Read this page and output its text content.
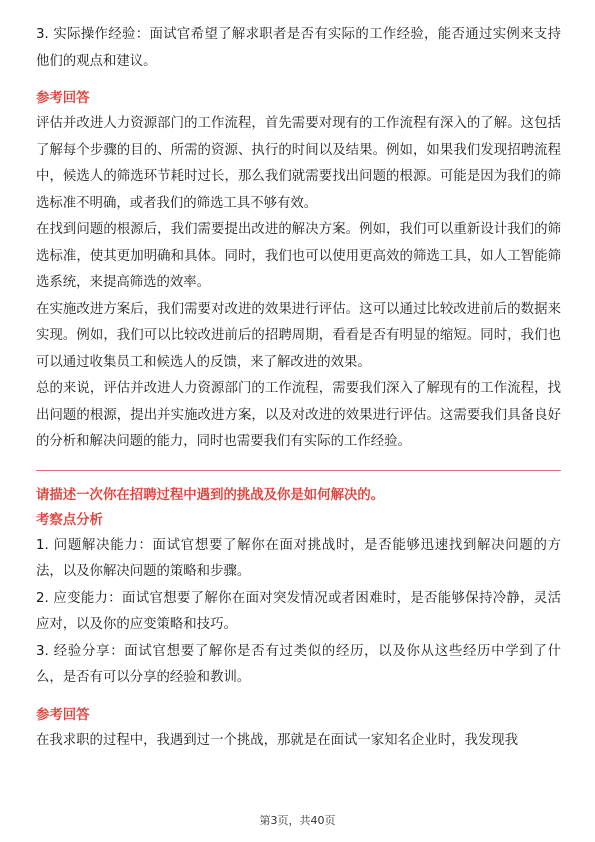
3. 实际操作经验：面试官希望了解求职者是否有实际的工作经验，能否通过实例来支持他们的观点和建议。

参考回答

评估并改进人力资源部门的工作流程，首先需要对现有的工作流程有深入的了解。这包括了解每个步骤的目的、所需的资源、执行的时间以及结果。例如，如果我们发现招聘流程中，候选人的筛选环节耗时过长，那么我们就需要找出问题的根源。可能是因为我们的筛选标准不明确，或者我们的筛选工具不够有效。

在找到问题的根源后，我们需要提出改进的解决方案。例如，我们可以重新设计我们的筛选标准，使其更加明确和具体。同时，我们也可以使用更高效的筛选工具，如人工智能筛选系统，来提高筛选的效率。

在实施改进方案后，我们需要对改进的效果进行评估。这可以通过比较改进前后的数据来实现。例如，我们可以比较改进前后的招聘周期，看看是否有明显的缩短。同时，我们也可以通过收集员工和候选人的反馈，来了解改进的效果。

总的来说，评估并改进人力资源部门的工作流程，需要我们深入了解现有的工作流程，找出问题的根源，提出并实施改进方案，以及对改进的效果进行评估。这需要我们具备良好的分析和解决问题的能力，同时也需要我们有实际的工作经验。

请描述一次你在招聘过程中遇到的挑战及你是如何解决的。
考察点分析

1. 问题解决能力：面试官想要了解你在面对挑战时，是否能够迅速找到解决问题的方法，以及你解决问题的策略和步骤。

2. 应变能力：面试官想要了解你在面对突发情况或者困难时，是否能够保持冷静，灵活应对，以及你的应变策略和技巧。

3. 经验分享：面试官想要了解你是否有过类似的经历，以及你从这些经历中学到了什么，是否有可以分享的经验和教训。

参考回答

在我求职的过程中，我遇到过一个挑战，那就是在面试一家知名企业时，我发现我

第3页，共40页
